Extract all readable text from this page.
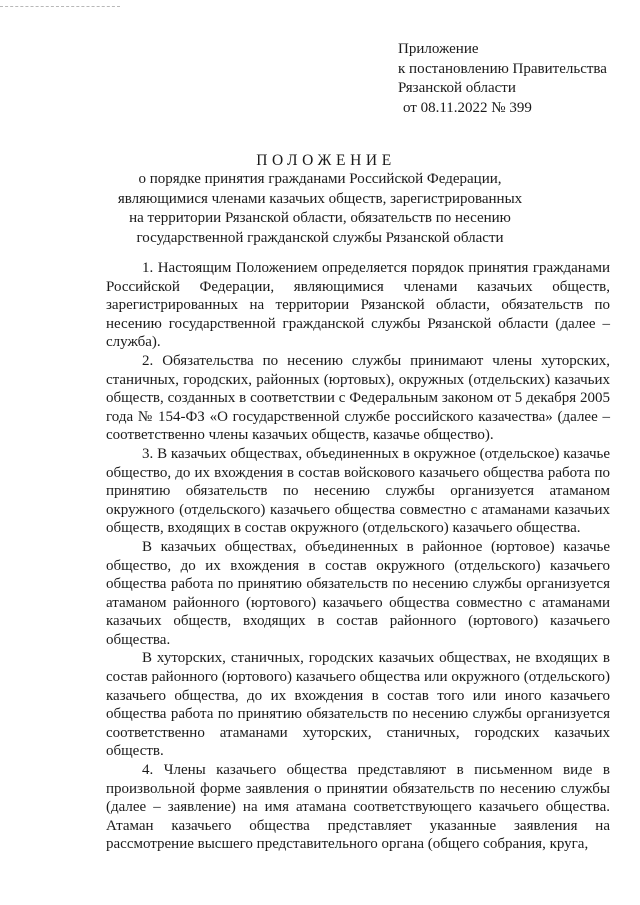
Приложение
к постановлению Правительства
Рязанской области
от 08.11.2022 № 399
ПОЛОЖЕНИЕ
о порядке принятия гражданами Российской Федерации,
являющимися членами казачьих обществ, зарегистрированных
на территории Рязанской области, обязательств по несению
государственной гражданской службы Рязанской области

1. Настоящим Положением определяется порядок принятия гражданами Российской Федерации, являющимися членами казачьих обществ, зарегистрированных на территории Рязанской области, обязательств по несению государственной гражданской службы Рязанской области (далее – служба).

2. Обязательства по несению службы принимают члены хуторских, станичных, городских, районных (юртовых), окружных (отдельских) казачьих обществ, созданных в соответствии с Федеральным законом от 5 декабря 2005 года № 154-ФЗ «О государственной службе российского казачества» (далее – соответственно члены казачьих обществ, казачье общество).

3. В казачьих обществах, объединенных в окружное (отдельское) казачье общество, до их вхождения в состав войскового казачьего общества работа по принятию обязательств по несению службы организуется атаманом окружного (отдельского) казачьего общества совместно с атаманами казачьих обществ, входящих в состав окружного (отдельского) казачьего общества.

В казачьих обществах, объединенных в районное (юртовое) казачье общество, до их вхождения в состав окружного (отдельского) казачьего общества работа по принятию обязательств по несению службы организуется атаманом районного (юртового) казачьего общества совместно с атаманами казачьих обществ, входящих в состав районного (юртового) казачьего общества.

В хуторских, станичных, городских казачьих обществах, не входящих в состав районного (юртового) казачьего общества или окружного (отдельского) казачьего общества, до их вхождения в состав того или иного казачьего общества работа по принятию обязательств по несению службы организуется соответственно атаманами хуторских, станичных, городских казачьих обществ.

4. Члены казачьего общества представляют в письменном виде в произвольной форме заявления о принятии обязательств по несению службы (далее – заявление) на имя атамана соответствующего казачьего общества. Атаман казачьего общества представляет указанные заявления на рассмотрение высшего представительного органа (общего собрания, круга,
